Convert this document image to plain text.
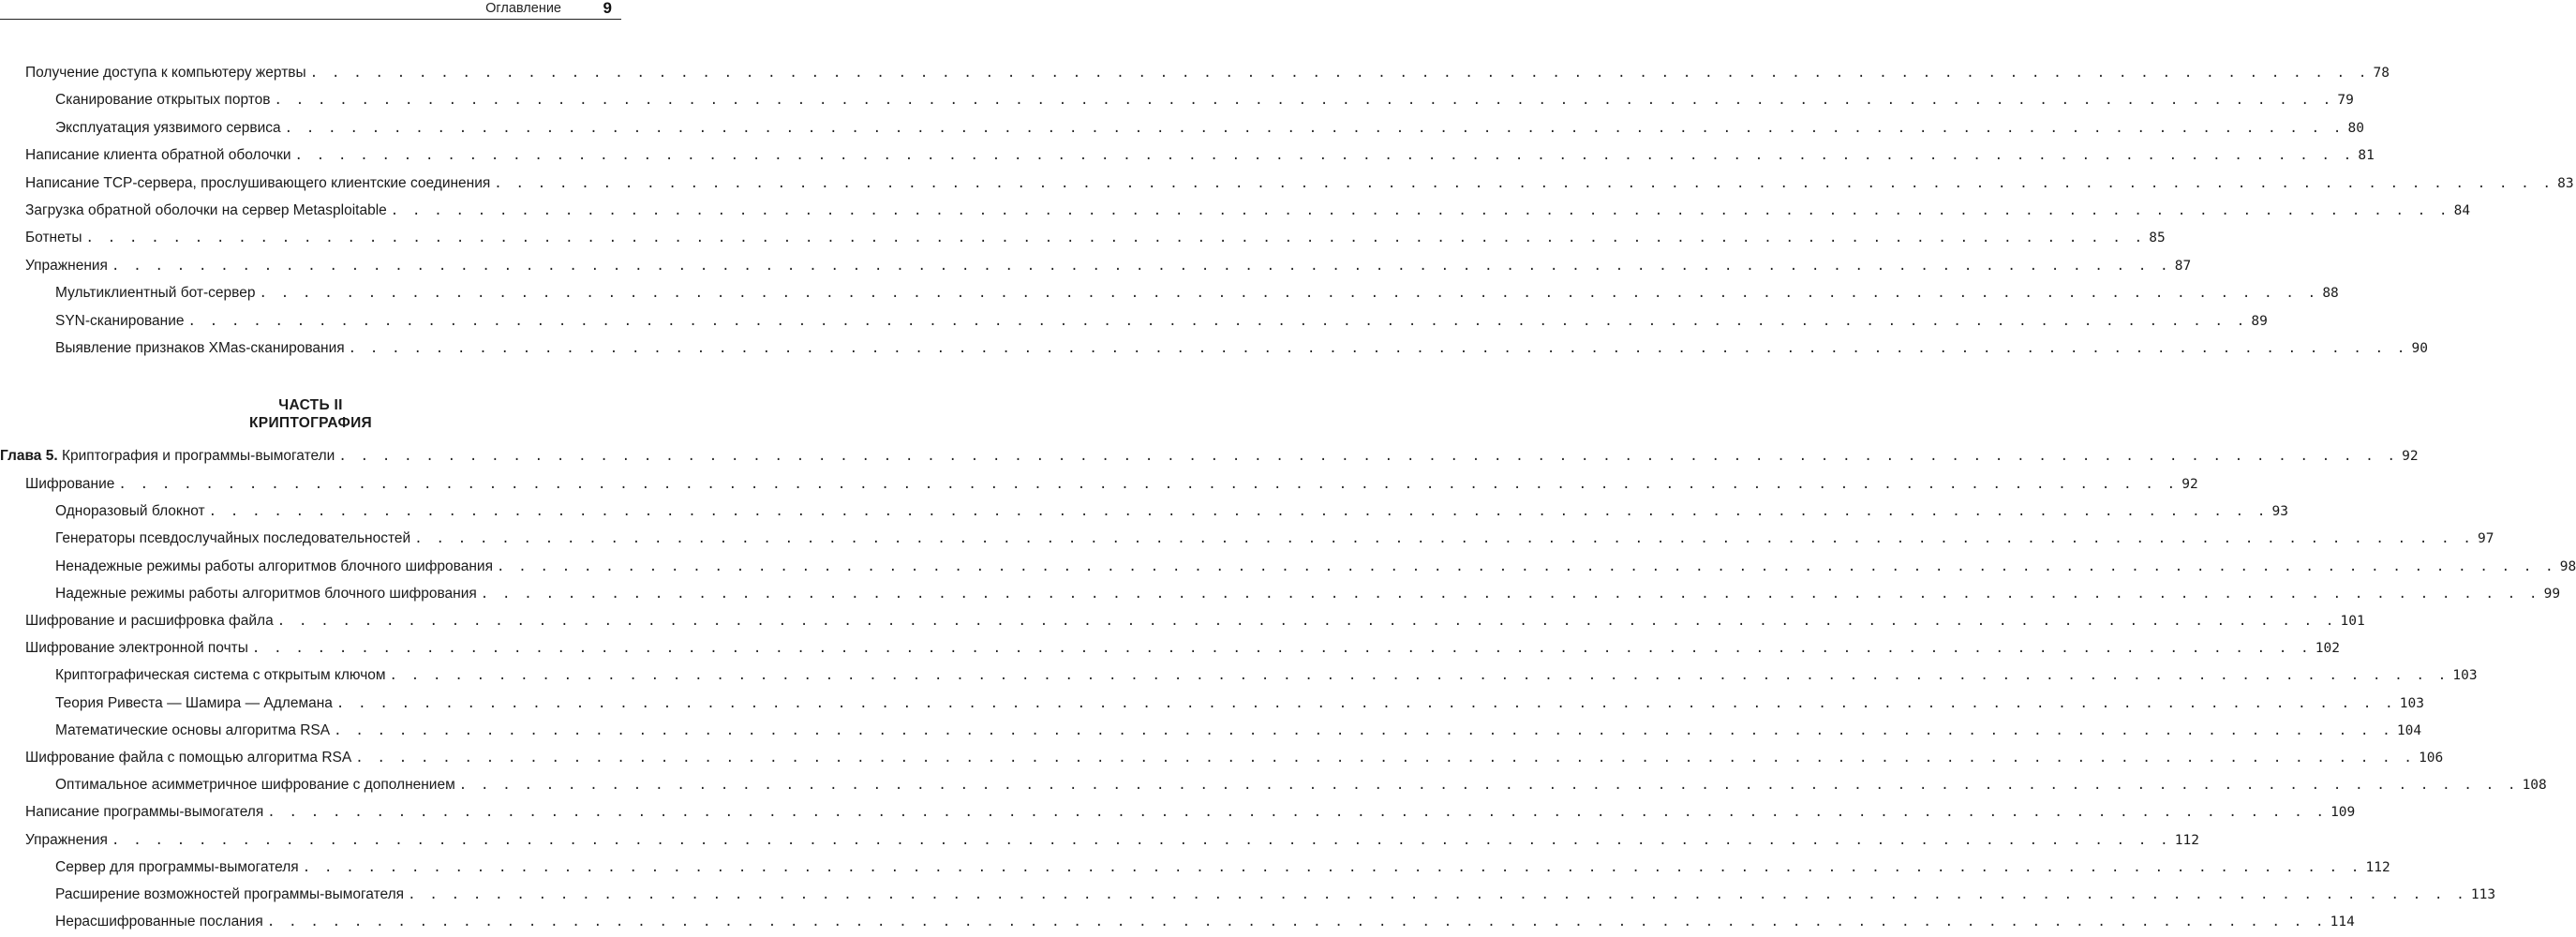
Оглавление	9
Получение доступа к компьютеру жертвы . . . . . . . . . . . . . . . . . . . . . . . . . . . . . . . . . . . . . . . . . . . . . . . . . . . . . . . . . . . . . . . . . . . . . . . . . . . . . . . . . . . . . . . . . . . . . . . 78
Сканирование открытых портов . . . . . . . . . . . . . . . . . . . . . . . . . . . . . . . . . . . . . . . . . . . . . . . . . . . . . . . . . . . . . . . . . . . . . . . . . . . . . . . . . . . . . . . . . . . . . . . 79
Эксплуатация уязвимого сервиса . . . . . . . . . . . . . . . . . . . . . . . . . . . . . . . . . . . . . . . . . . . . . . . . . . . . . . . . . . . . . . . . . . . . . . . . . . . . . . . . . . . . . . . . . . . . . . . 80
Написание клиента обратной оболочки . . . . . . . . . . . . . . . . . . . . . . . . . . . . . . . . . . . . . . . . . . . . . . . . . . . . . . . . . . . . . . . . . . . . . . . . . . . . . . . . . . . . . . . . . . . . . . . 81
Написание TCP-сервера, прослушивающего клиентские соединения . . . . . . . . . . . . . . . . . . . . . . . . . . . . . . . . . . . . . . . . . . . . . . . . . . . . . . . . . . . . . . . . . . . . . . . . . . . . . . . . . . . . . . . . . . . . . . . 83
Загрузка обратной оболочки на сервер Metasploitable . . . . . . . . . . . . . . . . . . . . . . . . . . . . . . . . . . . . . . . . . . . . . . . . . . . . . . . . . . . . . . . . . . . . . . . . . . . . . . . . . . . . . . . . . . . . . . . 84
Ботнеты . . . . . . . . . . . . . . . . . . . . . . . . . . . . . . . . . . . . . . . . . . . . . . . . . . . . . . . . . . . . . . . . . . . . . . . . . . . . . . . . . . . . . . . . . . . . . . . 85
Упражнения . . . . . . . . . . . . . . . . . . . . . . . . . . . . . . . . . . . . . . . . . . . . . . . . . . . . . . . . . . . . . . . . . . . . . . . . . . . . . . . . . . . . . . . . . . . . . . . 87
Мультиклиентный бот-сервер . . . . . . . . . . . . . . . . . . . . . . . . . . . . . . . . . . . . . . . . . . . . . . . . . . . . . . . . . . . . . . . . . . . . . . . . . . . . . . . . . . . . . . . . . . . . . . . 88
SYN-сканирование . . . . . . . . . . . . . . . . . . . . . . . . . . . . . . . . . . . . . . . . . . . . . . . . . . . . . . . . . . . . . . . . . . . . . . . . . . . . . . . . . . . . . . . . . . . . . . . 89
Выявление признаков XMas-сканирования . . . . . . . . . . . . . . . . . . . . . . . . . . . . . . . . . . . . . . . . . . . . . . . . . . . . . . . . . . . . . . . . . . . . . . . . . . . . . . . . . . . . . . . . . . . . . . . 90
ЧАСТЬ II
КРИПТОГРАФИЯ
Глава 5. Криптография и программы-вымогатели . . . . . . . . . . . . . . . . . . . . . . . . . . . . . . . . . . . . . . . . . . . . . . . . . . . . . . . . . . . . . . . . . . . . . . . . . . . . . . . . . . . . . . . . . . . . . . . 92
Шифрование . . . . . . . . . . . . . . . . . . . . . . . . . . . . . . . . . . . . . . . . . . . . . . . . . . . . . . . . . . . . . . . . . . . . . . . . . . . . . . . . . . . . . . . . . . . . . . . 92
Одноразовый блокнот . . . . . . . . . . . . . . . . . . . . . . . . . . . . . . . . . . . . . . . . . . . . . . . . . . . . . . . . . . . . . . . . . . . . . . . . . . . . . . . . . . . . . . . . . . . . . . . 93
Генераторы псевдослучайных последовательностей . . . . . . . . . . . . . . . . . . . . . . . . . . . . . . . . . . . . . . . . . . . . . . . . . . . . . . . . . . . . . . . . . . . . . . . . . . . . . . . . . . . . . . . . . . . . . . . 97
Ненадежные режимы работы алгоритмов блочного шифрования . . . . . . . . . . . . . . . . . . . . . . . . . . . . . . . . . . . . . . . . . . . . . . . . . . . . . . . . . . . . . . . . . . . . . . . . . . . . . . . . . . . . . . . . . . . . . . . 98
Надежные режимы работы алгоритмов блочного шифрования . . . . . . . . . . . . . . . . . . . . . . . . . . . . . . . . . . . . . . . . . . . . . . . . . . . . . . . . . . . . . . . . . . . . . . . . . . . . . . . . . . . . . . . . . . . . . . . 99
Шифрование и расшифровка файла . . . . . . . . . . . . . . . . . . . . . . . . . . . . . . . . . . . . . . . . . . . . . . . . . . . . . . . . . . . . . . . . . . . . . . . . . . . . . . . . . . . . . . . . . . . . . . . 101
Шифрование электронной почты . . . . . . . . . . . . . . . . . . . . . . . . . . . . . . . . . . . . . . . . . . . . . . . . . . . . . . . . . . . . . . . . . . . . . . . . . . . . . . . . . . . . . . . . . . . . . . . 102
Криптографическая система с открытым ключом . . . . . . . . . . . . . . . . . . . . . . . . . . . . . . . . . . . . . . . . . . . . . . . . . . . . . . . . . . . . . . . . . . . . . . . . . . . . . . . . . . . . . . . . . . . . . . . 103
Теория Ривеста — Шамира — Адлемана . . . . . . . . . . . . . . . . . . . . . . . . . . . . . . . . . . . . . . . . . . . . . . . . . . . . . . . . . . . . . . . . . . . . . . . . . . . . . . . . . . . . . . . . . . . . . . . 103
Математические основы алгоритма RSA . . . . . . . . . . . . . . . . . . . . . . . . . . . . . . . . . . . . . . . . . . . . . . . . . . . . . . . . . . . . . . . . . . . . . . . . . . . . . . . . . . . . . . . . . . . . . . . 104
Шифрование файла с помощью алгоритма RSA . . . . . . . . . . . . . . . . . . . . . . . . . . . . . . . . . . . . . . . . . . . . . . . . . . . . . . . . . . . . . . . . . . . . . . . . . . . . . . . . . . . . . . . . . . . . . . . 106
Оптимальное асимметричное шифрование с дополнением . . . . . . . . . . . . . . . . . . . . . . . . . . . . . . . . . . . . . . . . . . . . . . . . . . . . . . . . . . . . . . . . . . . . . . . . . . . . . . . . . . . . . . . . . . . . . . . 108
Написание программы-вымогателя . . . . . . . . . . . . . . . . . . . . . . . . . . . . . . . . . . . . . . . . . . . . . . . . . . . . . . . . . . . . . . . . . . . . . . . . . . . . . . . . . . . . . . . . . . . . . . . 109
Упражнения . . . . . . . . . . . . . . . . . . . . . . . . . . . . . . . . . . . . . . . . . . . . . . . . . . . . . . . . . . . . . . . . . . . . . . . . . . . . . . . . . . . . . . . . . . . . . . . 112
Сервер для программы-вымогателя . . . . . . . . . . . . . . . . . . . . . . . . . . . . . . . . . . . . . . . . . . . . . . . . . . . . . . . . . . . . . . . . . . . . . . . . . . . . . . . . . . . . . . . . . . . . . . . 112
Расширение возможностей программы-вымогателя . . . . . . . . . . . . . . . . . . . . . . . . . . . . . . . . . . . . . . . . . . . . . . . . . . . . . . . . . . . . . . . . . . . . . . . . . . . . . . . . . . . . . . . . . . . . . . . 113
Нерасшифрованные послания . . . . . . . . . . . . . . . . . . . . . . . . . . . . . . . . . . . . . . . . . . . . . . . . . . . . . . . . . . . . . . . . . . . . . . . . . . . . . . . . . . . . . . . . . . . . . . . 114
